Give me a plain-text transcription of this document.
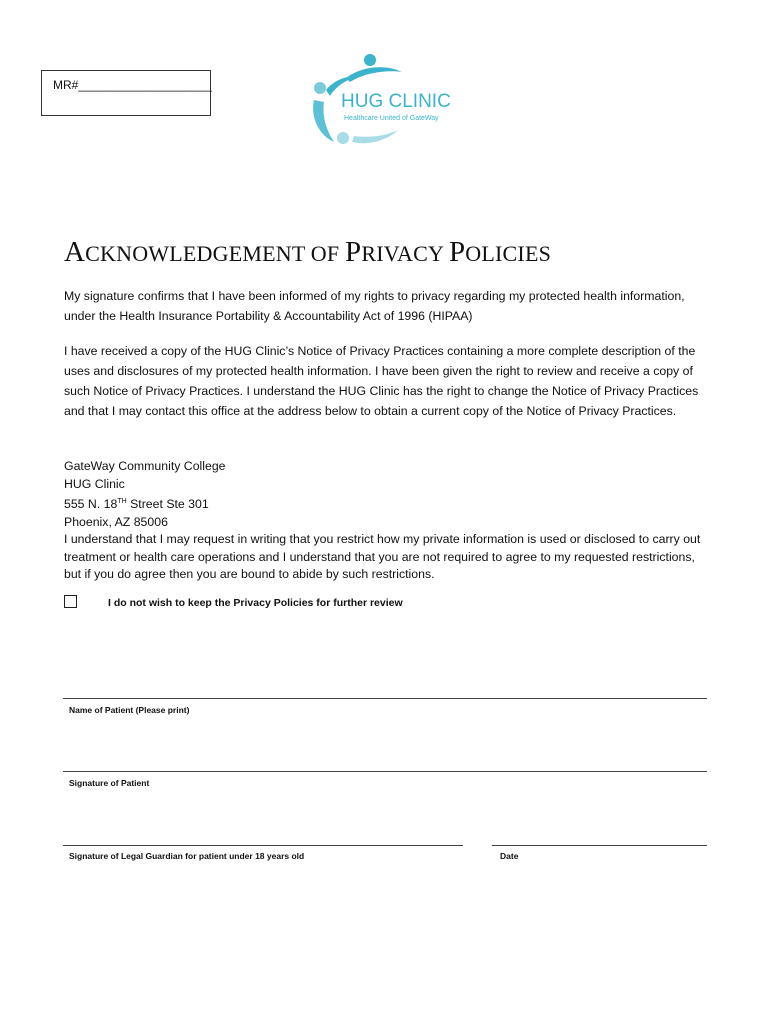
MR#____________________
HUG CLINIC
Healthcare United of GateWay
ACKNOWLEDGEMENT OF PRIVACY POLICIES
My signature confirms that I have been informed of my rights to privacy regarding my protected health information, under the Health Insurance Portability & Accountability Act of 1996 (HIPAA)
I have received a copy of the HUG Clinic’s Notice of Privacy Practices containing a more complete description of the uses and disclosures of my protected health information. I have been given the right to review and receive a copy of such Notice of Privacy Practices. I understand the HUG Clinic has the right to change the Notice of Privacy Practices and that I may contact this office at the address below to obtain a current copy of the Notice of Privacy Practices.
GateWay Community College
HUG Clinic
555 N. 18TH Street Ste 301
Phoenix, AZ 85006
I understand that I may request in writing that you restrict how my private information is used or disclosed to carry out treatment or health care operations and I understand that you are not required to agree to my requested restrictions, but if you do agree then you are bound to abide by such restrictions.
I do not wish to keep the Privacy Policies for further review
Name of Patient (Please print)
Signature of Patient
Signature of Legal Guardian for patient under 18 years old	Date
